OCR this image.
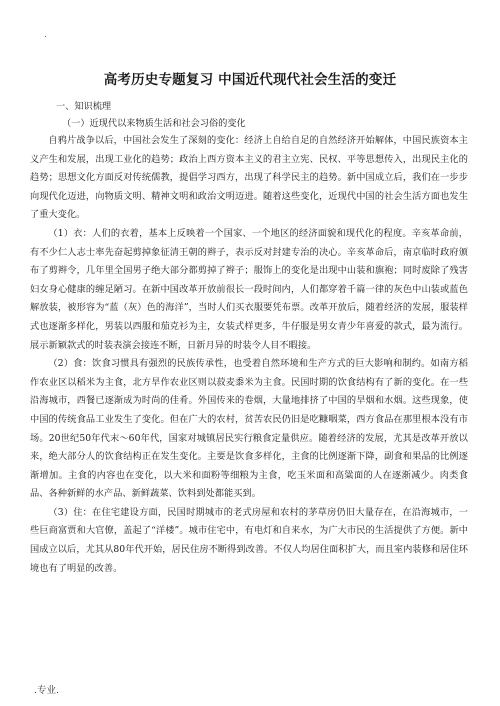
.
高考历史专题复习 中国近代现代社会生活的变迁
一、知识梳理
（一）近现代以来物质生活和社会习俗的变化

自鸦片战争以后，中国社会发生了深刻的变化：经济上自给自足的自然经济开始解体，中国民族资本主义产生和发展，出现工业化的趋势；政治上西方资本主义的君主立宪、民权、平等思想传入，出现民主化的趋势；思想文化方面反对传统儒教，提倡学习西方，出现了科学民主的趋势。新中国成立后，我们在一步步向现代化迈进，向物质文明、精神文明和政治文明迈进。随着这些变化，近现代中国的社会生活方面也发生了重大变化。

（1）衣：人们的衣着，基本上反映着一个国家、一个地区的经济面貌和现代化的程度。辛亥革命前，有不少仁人志士率先奋起剪掉象征清王朝的辫子，表示反对封建专治的决心。辛亥革命后，南京临时政府颁布了剪辫令，几年里全国男子绝大部分都剪掉了辫子；服饰上的变化是出现中山装和旗袍；同时废除了残害妇女身心健康的缠足陋习。在新中国改革开放前很长一段时间内，人们都穿着千篇一律的灰色中山装或蓝色解放装，被形容为“蓝（灰）色的海洋”，当时人们买衣服要凭布票。改革开放后，随着经济的发展，服装样式也逐渐多样化，男装以西服和茄克衫为主，女装式样更多，牛仔服是男女青少年喜爱的款式，最为流行。展示新颖款式的时装表演会接连不断，日新月异的时装令人目不暇接。

（2）食：饮食习惯具有强烈的民族传承性，也受着自然环境和生产方式的巨大影响和制约。如南方稻作农业区以稻米为主食，北方旱作农业区则以菽麦黍米为主食。民国时期的饮食结构有了新的变化。在一些沿海城市，西餐已逐渐成为时尚的佳肴。外国传来的卷烟，大量地排挤了中国的旱烟和水烟。这些现象，使中国的传统食品工业发生了变化。但在广大的农村，贫苦农民仍旧是吃糠咽菜，西方食品在那里根本没有市场。20世纪50年代末～60年代，国家对城镇居民实行粮食定量供应。随着经济的发展，尤其是改革开放以来，绝大部分人的饮食结构正在发生变化。主要是饮食多样化，主食的比例逐渐下降，副食和果品的比例逐渐增加。主食的内容也在变化，以大米和面粉等细粮为主食，吃玉米面和高粱面的人在逐渐减少。肉类食品、各种新鲜的水产品、新鲜蔬菜、饮料到处都能买到。

（3）住：在住宅建设方面，民国时期城市的老式房屋和农村的茅草房仍旧大量存在，在沿海城市，一些巨商富贾和大官僚，盖起了“洋楼”。城市住宅中，有电灯和自来水，为广大市民的生活提供了方便。新中国成立以后，尤其从80年代开始，居民住房不断得到改善。不仅人均居住面积扩大，而且室内装修和居住环境也有了明显的改善。

.专业.
